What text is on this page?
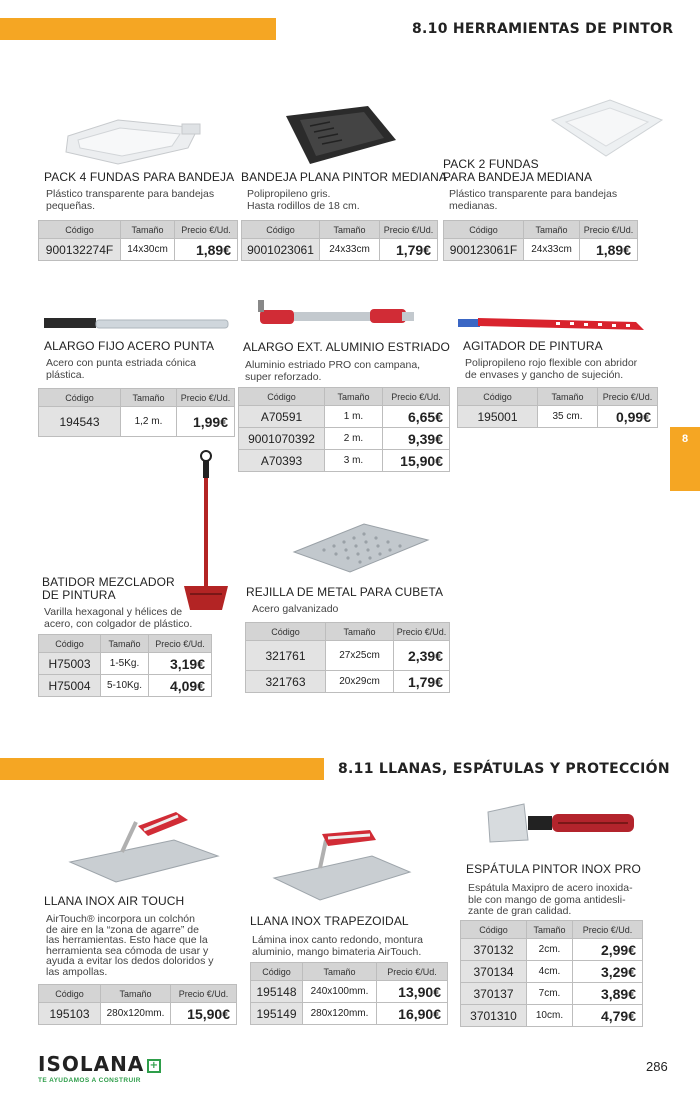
8.10 HERRAMIENTAS DE PINTOR
8.11 LLANAS, ESPÁTULAS Y PROTECCIÓN
8
PACK 4 FUNDAS PARA BANDEJA
Plástico transparente para bandejas
pequeñas.
Código	Tamaño	Precio €/Ud.
900132274F	14x30cm	1,89€
BANDEJA PLANA PINTOR MEDIANA
Polipropileno gris.
Hasta rodillos de 18 cm.
Código	Tamaño	Precio €/Ud.
9001023061	24x33cm	1,79€
PACK 2 FUNDAS
PARA BANDEJA MEDIANA
Plástico transparente para bandejas
medianas.
Código	Tamaño	Precio €/Ud.
900123061F	24x33cm	1,89€
ALARGO FIJO ACERO PUNTA
Acero con punta estriada cónica
plástica.
Código	Tamaño	Precio €/Ud.
194543	1,2 m.	1,99€
ALARGO EXT. ALUMINIO ESTRIADO
Aluminio estriado PRO con campana,
super reforzado.
Código	Tamaño	Precio €/Ud.
A70591	1 m.	6,65€
9001070392	2 m.	9,39€
A70393	3 m.	15,90€
AGITADOR DE PINTURA
Polipropileno rojo flexible con abridor
de envases y gancho de sujeción.
Código	Tamaño	Precio €/Ud.
195001	35 cm.	0,99€
BATIDOR MEZCLADOR
DE PINTURA
Varilla hexagonal y hélices de
acero, con colgador de plástico.
Código	Tamaño	Precio €/Ud.
H75003	1-5Kg.	3,19€
H75004	5-10Kg.	4,09€
REJILLA DE METAL PARA CUBETA
Acero galvanizado
Código	Tamaño	Precio €/Ud.
321761	27x25cm	2,39€
321763	20x29cm	1,79€
LLANA INOX AIR TOUCH
AirTouch® incorpora un colchón
de aire en la “zona de agarre” de
las herramientas. Esto hace que la
herramienta sea cómoda de usar y
ayuda a evitar los dedos doloridos y
las ampollas.
Código	Tamaño	Precio €/Ud.
195103	280x120mm.	15,90€
LLANA INOX TRAPEZOIDAL
Lámina inox canto redondo, montura
aluminio, mango bimateria AirTouch.
Código	Tamaño	Precio €/Ud.
195148	240x100mm.	13,90€
195149	280x120mm.	16,90€
ESPÁTULA PINTOR INOX PRO
Espátula Maxipro de acero inoxida-
ble con mango de goma antidesli-
zante de gran calidad.
Código	Tamaño	Precio €/Ud.
370132	2cm.	2,99€
370134	4cm.	3,29€
370137	7cm.	3,89€
3701310	10cm.	4,79€
ISOLANA +
TE AYUDAMOS A CONSTRUIR
286
